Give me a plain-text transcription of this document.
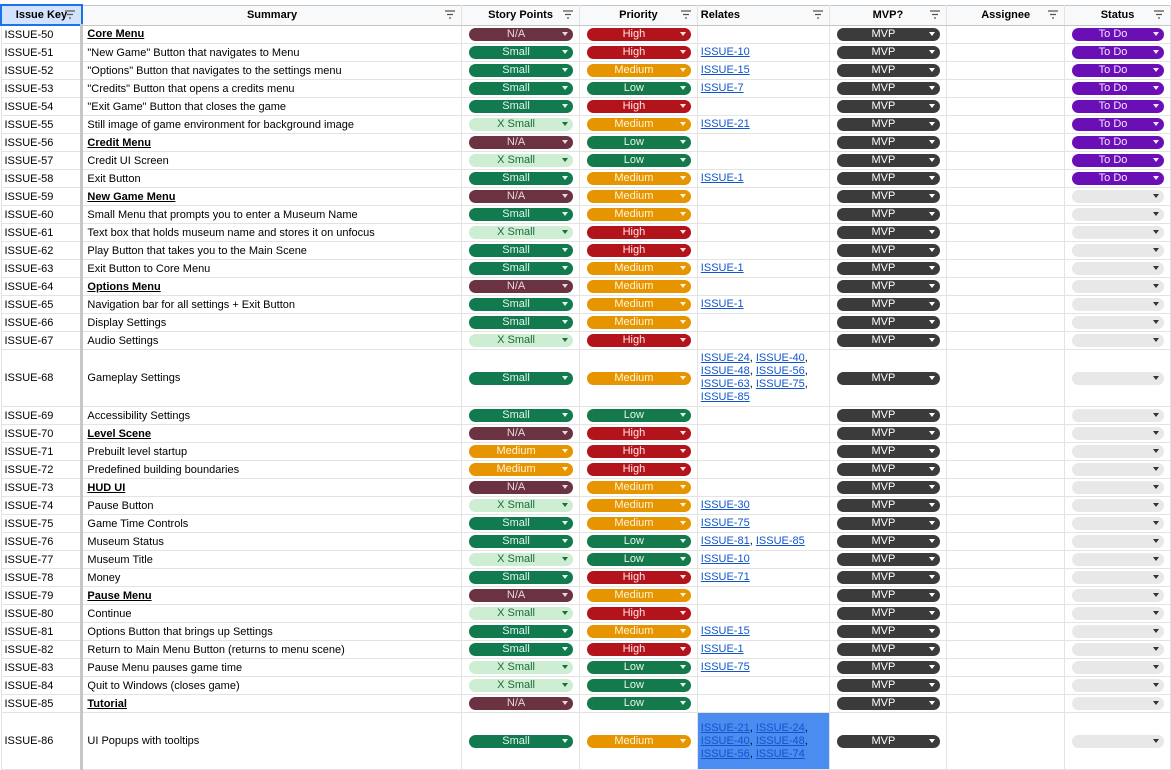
Issue Key	Summary	Story Points	Priority	Relates	MVP?	Assignee	Status

ISSUE-50	Core Menu	N/A	High		MVP		To Do

ISSUE-51	"New Game" Button that navigates to Menu	Small	High	ISSUE-10	MVP		To Do

ISSUE-52	"Options" Button that navigates to the settings menu	Small	Medium	ISSUE-15	MVP		To Do

ISSUE-53	"Credits" Button that opens a credits menu	Small	Low	ISSUE-7	MVP		To Do

ISSUE-54	"Exit Game" Button that closes the game	Small	High		MVP		To Do

ISSUE-55	Still image of game environment for background image	X Small	Medium	ISSUE-21	MVP		To Do

ISSUE-56	Credit Menu	N/A	Low		MVP		To Do

ISSUE-57	Credit UI Screen	X Small	Low		MVP		To Do

ISSUE-58	Exit Button	Small	Medium	ISSUE-1	MVP		To Do

ISSUE-59	New Game Menu	N/A	Medium		MVP		

ISSUE-60	Small Menu that prompts you to enter a Museum Name	Small	Medium		MVP		

ISSUE-61	Text box that holds museum name and stores it on unfocus	X Small	High		MVP		

ISSUE-62	Play Button that takes you to the Main Scene	Small	High		MVP		

ISSUE-63	Exit Button to Core Menu	Small	Medium	ISSUE-1	MVP		

ISSUE-64	Options Menu	N/A	Medium		MVP		

ISSUE-65	Navigation bar for all settings + Exit Button	Small	Medium	ISSUE-1	MVP		

ISSUE-66	Display Settings	Small	Medium		MVP		

ISSUE-67	Audio Settings	X Small	High		MVP		

ISSUE-68	Gameplay Settings	Small	Medium	ISSUE-24, ISSUE-40, ISSUE-48, ISSUE-56, ISSUE-63, ISSUE-75, ISSUE-85	MVP		

ISSUE-69	Accessibility Settings	Small	Low		MVP		

ISSUE-70	Level Scene	N/A	High		MVP		

ISSUE-71	Prebuilt level startup	Medium	High		MVP		

ISSUE-72	Predefined building boundaries	Medium	High		MVP		

ISSUE-73	HUD UI	N/A	Medium		MVP		

ISSUE-74	Pause Button	X Small	Medium	ISSUE-30	MVP		

ISSUE-75	Game Time Controls	Small	Medium	ISSUE-75	MVP		

ISSUE-76	Museum Status	Small	Low	ISSUE-81, ISSUE-85	MVP		

ISSUE-77	Museum Title	X Small	Low	ISSUE-10	MVP		

ISSUE-78	Money	Small	High	ISSUE-71	MVP		

ISSUE-79	Pause Menu	N/A	Medium		MVP		

ISSUE-80	Continue	X Small	High		MVP		

ISSUE-81	Options Button that brings up Settings	Small	Medium	ISSUE-15	MVP		

ISSUE-82	Return to Main Menu Button (returns to menu scene)	Small	High	ISSUE-1	MVP		

ISSUE-83	Pause Menu pauses game time	X Small	Low	ISSUE-75	MVP		

ISSUE-84	Quit to Windows (closes game)	X Small	Low		MVP		

ISSUE-85	Tutorial	N/A	Low		MVP		

ISSUE-86	UI Popups with tooltips	Small	Medium	ISSUE-21, ISSUE-24, ISSUE-40, ISSUE-48, ISSUE-56, ISSUE-74	MVP		
